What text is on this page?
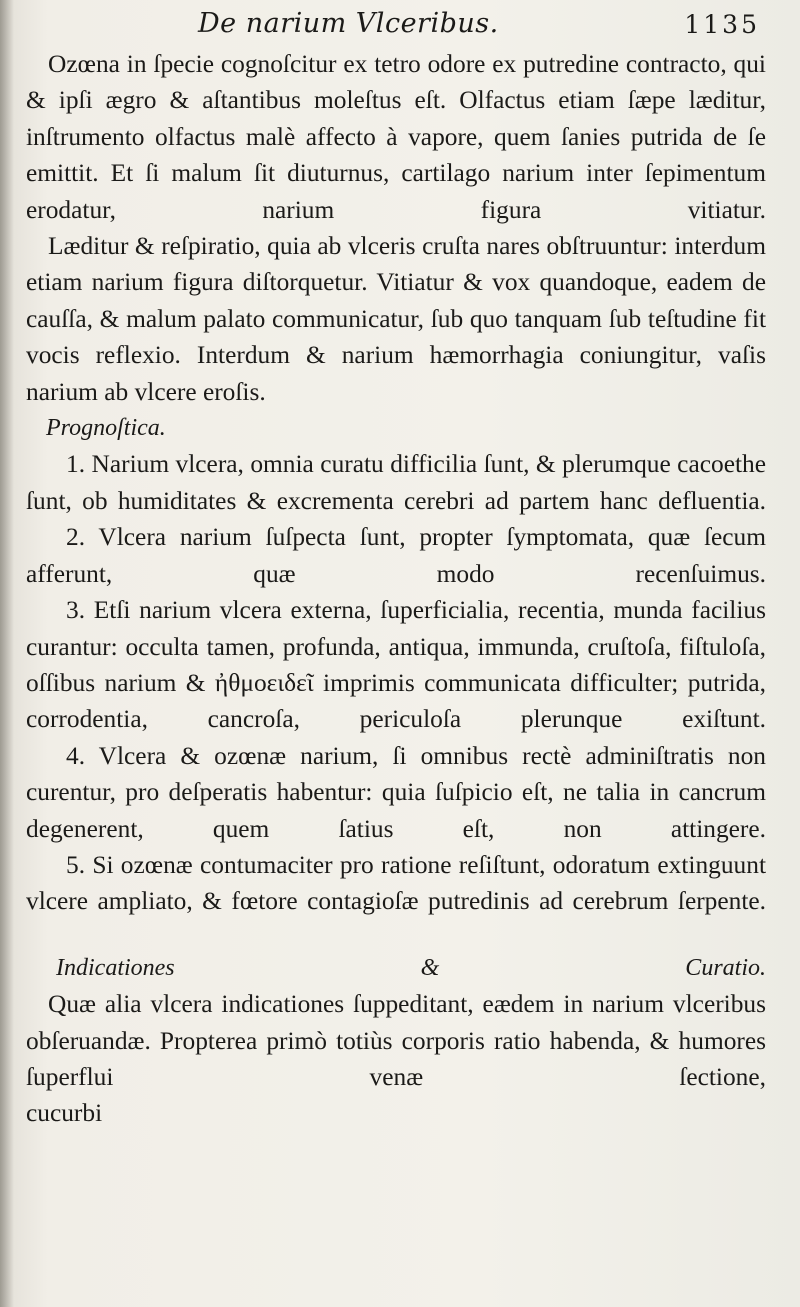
De narium Vlceribus.	1135

Ozœna in ſpecie cognoſcitur ex tetro odore ex putredine contracto, qui & ipſi ægro & aſtantibus moleſtus eſt. Olfactus etiam ſæpe læditur, inſtrumento olfactus malè affecto à vapore, quem ſanies putrida de ſe emittit. Et ſi malum ſit diuturnus, cartilago narium inter ſepimentum erodatur, narium figura vitiatur.

Læditur & reſpiratio, quia ab vlceris cruſta nares obſtruuntur: interdum etiam narium figura diſtorquetur. Vitiatur & vox quandoque, eadem de cauſſa, & malum palato communicatur, ſub quo tanquam ſub teſtudine fit vocis reflexio. Interdum & narium hæmorrhagia coniungitur, vaſis narium ab vlcere eroſis.

Prognoſtica.

1. Narium vlcera, omnia curatu difficilia ſunt, & plerumque cacoethe ſunt, ob humiditates & excrementa cerebri ad partem hanc defluentia.

2. Vlcera narium ſuſpecta ſunt, propter ſymptomata, quæ ſecum afferunt, quæ modo recenſuimus.

3. Etſi narium vlcera externa, ſuperficialia, recentia, munda facilius curantur: occulta tamen, profunda, antiqua, immunda, cruſtoſa, fiſtuloſa, oſſibus narium & ἠθμοειδεῖ imprimis communicata difficulter; putrida, corrodentia, cancroſa, periculoſa plerunque exiſtunt.

4. Vlcera & ozœnæ narium, ſi omnibus rectè adminiſtratis non curentur, pro deſperatis habentur: quia ſuſpicio eſt, ne talia in cancrum degenerent, quem ſatius eſt, non attingere.

5. Si ozœnæ contumaciter pro ratione reſiſtunt, odoratum extinguunt vlcere ampliato, & fœtore contagioſæ putredinis ad cerebrum ſerpente.

Indicationes & Curatio.

Quæ alia vlcera indicationes ſuppeditant, eædem in narium vlceribus obſeruandæ. Propterea primò totiùs corporis ratio habenda, & humores ſuperflui venæ ſectione,

cucurbi
